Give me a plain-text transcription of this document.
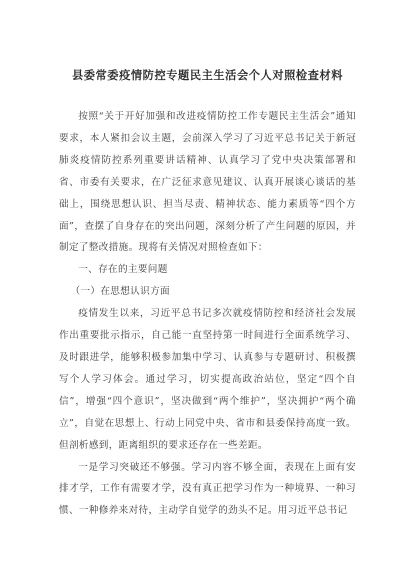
县委常委疫情防控专题民主生活会个人对照检查材料

按照“关于开好加强和改进疫情防控工作专题民主生活会”通知要求，本人紧扣会议主题，会前深入学习了习近平总书记关于新冠肺炎疫情防控系列重要讲话精神、认真学习了党中央决策部署和省、市委有关要求，在广泛征求意见建议、认真开展谈心谈话的基础上，围绕思想认识、担当尽责、精神状态、能力素质等“四个方面”，查摆了自身存在的突出问题，深刻分析了产生问题的原因，并制定了整改措施。现将有关情况对照检查如下：

一、存在的主要问题

（一）在思想认识方面

疫情发生以来，习近平总书记多次就疫情防控和经济社会发展作出重要批示指示，自己能一直坚持第一时间进行全面系统学习、及时跟进学，能够积极参加集中学习、认真参与专题研讨、积极撰写个人学习体会。通过学习，切实提高政治站位，坚定“四个自信”，增强“四个意识”，坚决做到“两个维护”，坚决拥护“两个确立”，自觉在思想上、行动上同党中央、省市和县委保持高度一致。但剖析感到，距离组织的要求还存在一些差距。

一是学习突破还不够强。学习内容不够全面，表现在上面有安排才学，工作有需要才学，没有真正把学习作为一种境界、一种习惯、一种修养来对待，主动学自觉学的劲头不足。用习近平总书记
